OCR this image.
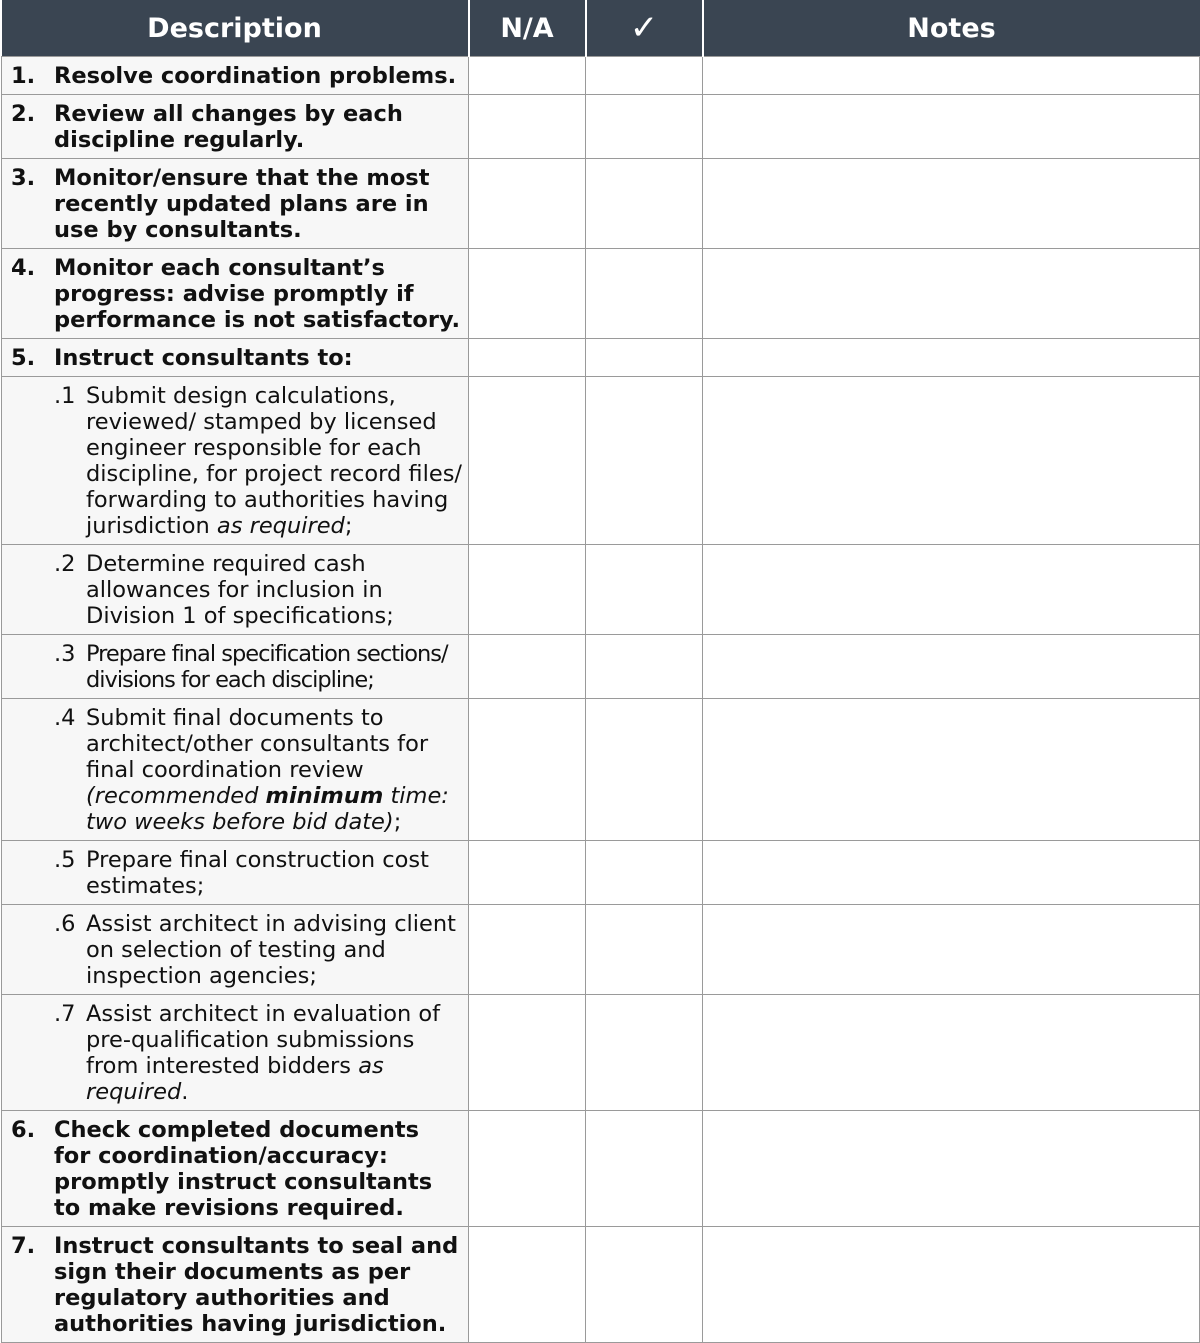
Description	N/A	✓	Notes

1. Resolve coordination problems.			

2. Review all changes by each discipline regularly.			

3. Monitor/ensure that the most recently updated plans are in use by consultants.			

4. Monitor each consultant’s progress: advise promptly if performance is not satisfactory.			

5. Instruct consultants to:			

.1 Submit design calculations, reviewed/ stamped by licensed engineer responsible for each discipline, for project record files/ forwarding to authorities having jurisdiction as required;			

.2 Determine required cash allowances for inclusion in Division 1 of specifications;			

.3 Prepare final specification sections/ divisions for each discipline;			

.4 Submit final documents to architect/other consultants for final coordination review
(recommended minimum time: two weeks before bid date);			

.5 Prepare final construction cost estimates;			

.6 Assist architect in advising client on selection of testing and inspection agencies;			

.7 Assist architect in evaluation of pre-qualification submissions from interested bidders as required.			

6. Check completed documents for coordination/accuracy: promptly instruct consultants to make revisions required.			

7. Instruct consultants to seal and sign their documents as per regulatory authorities and authorities having jurisdiction.			
